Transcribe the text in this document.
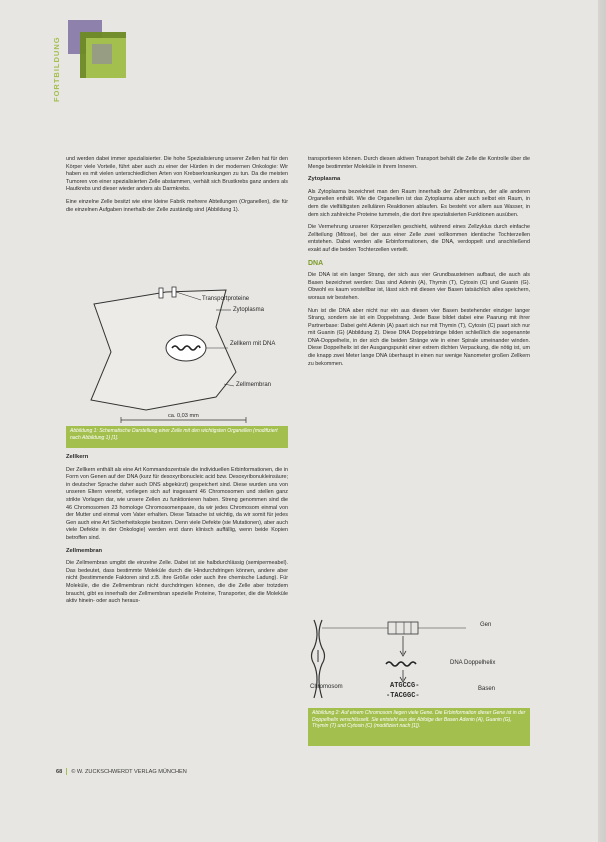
FORTBILDUNG

und werden dabei immer spezialisierter. Die hohe Spezialisierung unserer Zellen hat für den Körper viele Vorteile, führt aber auch zu einer der Hürden in der modernen Onkologie: Wir haben es mit vielen unterschiedlichen Arten von Krebserkrankungen zu tun. Da die meisten Tumoren von einer spezialisierten Zelle abstammen, verhält sich Brustkrebs ganz anders als Hautkrebs und dieser wieder anders als Darmkrebs.

Eine einzelne Zelle besitzt wie eine kleine Fabrik mehrere Abteilungen (Organellen), die für die einzelnen Aufgaben innerhalb der Zelle zuständig sind (Abbildung 1).

Transportproteine
Zytoplasma
Zellkern mit DNA
Zellmembran
ca. 0,03 mm
Abbildung 1: Schematische Darstellung einer Zelle mit den wichtigsten Organellen (modifiziert nach Abbildung 1) [1].

Zellkern

Der Zellkern enthält als eine Art Kommandozentrale die individuellen Erbinformationen, die in Form von Genen auf der DNA (kurz für desoxyribonucleic acid bzw. Desoxyribonukleinsäure; in deutscher Sprache daher auch DNS abgekürzt) gespeichert sind. Diese wurden uns von unseren Eltern vererbt, vorliegen sich auf insgesamt 46 Chromosomen und stellen ganz strikte Vorlagen dar, wie unsere Zellen zu funktionieren haben. Streng genommen sind die 46 Chromosomen 23 homologe Chromosomenpaare, da wir jedes Chromosom einmal von der Mutter und einmal vom Vater erhalten. Diese Tatsache ist wichtig, da wir somit für jedes Gen auch eine Art Sicherheitskopie besitzen. Denn viele Defekte (sie Mutationen), aber auch viele Defekte in der Onkologie) werden erst dann klinisch auffällig, wenn beide Kopien betroffen sind.

Zellmembran

Die Zellmembran umgibt die einzelne Zelle. Dabei ist sie halbdurchlässig (semipermeabel). Das bedeutet, dass bestimmte Moleküle durch die Hindurchdringen können, andere aber nicht (bestimmende Faktoren sind z.B. ihre Größe oder auch ihre chemische Ladung). Für Moleküle, die die Zellmembran nicht durchdringen können, die die Zelle aber trotzdem braucht, gibt es innerhalb der Zellmembran spezielle Proteine, Transporter, die die Moleküle aktiv hinein- oder auch heraus-

transportieren können. Durch diesen aktiven Transport behält die Zelle die Kontrolle über die Menge bestimmter Moleküle in ihrem Inneren.

Zytoplasma

Als Zytoplasma bezeichnet man den Raum innerhalb der Zellmembran, der alle anderen Organellen enthält. Wie die Organellen ist das Zytoplasma aber auch selbst ein Raum, in dem die vielfältigsten zellulären Reaktionen ablaufen. Es besteht vor allem aus Wasser, in dem sich zahlreiche Proteine tummeln, die dort ihre spezialisierten Funktionen ausüben.

Die Vermehrung unserer Körperzellen geschieht, während eines Zellzyklus durch einfache Zellteilung (Mitose), bei der aus einer Zelle zwei vollkommen identische Tochterzellen entstehen. Dabei werden alle Erbinformationen, die DNA, verdoppelt und anschließend exakt auf die beiden Tochterzellen verteilt.

DNA

Die DNA ist ein langer Strang, der sich aus vier Grundbausteinen aufbaut, die auch als Basen bezeichnet werden: Das sind Adenin (A), Thymin (T), Cytosin (C) und Guanin (G). Obwohl es kaum vorstellbar ist, lässt sich mit diesen vier Basen tatsächlich alles speichern, woraus wir bestehen.

Nun ist die DNA aber nicht nur ein aus diesen vier Basen bestehender einziger langer Strang, sondern sie ist ein Doppelstrang. Jede Base bildet dabei eine Paarung mit ihrer Partnerbase: Dabei geht Adenin (A) paart sich nur mit Thymin (T), Cytosin (C) paart sich nur mit Guanin (G) (Abbildung 2). Diese DNA Doppelstränge bilden schließlich die sogenannte DNA-Doppelhelix, in der sich die beiden Stränge wie in einer Spirale umeinander winden. Diese Doppelhelix ist der Ausgangspunkt einer extrem dichten Verpackung, die nötig ist, um die knapp zwei Meter lange DNA überhaupt in einen nur wenige Nanometer großen Zellkern zu bekommen.

Gen
DNA Doppelhelix
Chromosom	ATGCCG-
-TACGGC-
Basen
Abbildung 2: Auf einem Chromosom liegen viele Gene. Die Erbinformation dieser Gene ist in der Doppelhelix verschlüsselt. Sie entsteht aus der Abfolge der Basen Adenin (A), Guanin (G), Thymin (T) und Cytosin (C) (modifiziert nach [1]).
68 © W. ZUCKSCHWERDT VERLAG MÜNCHEN
